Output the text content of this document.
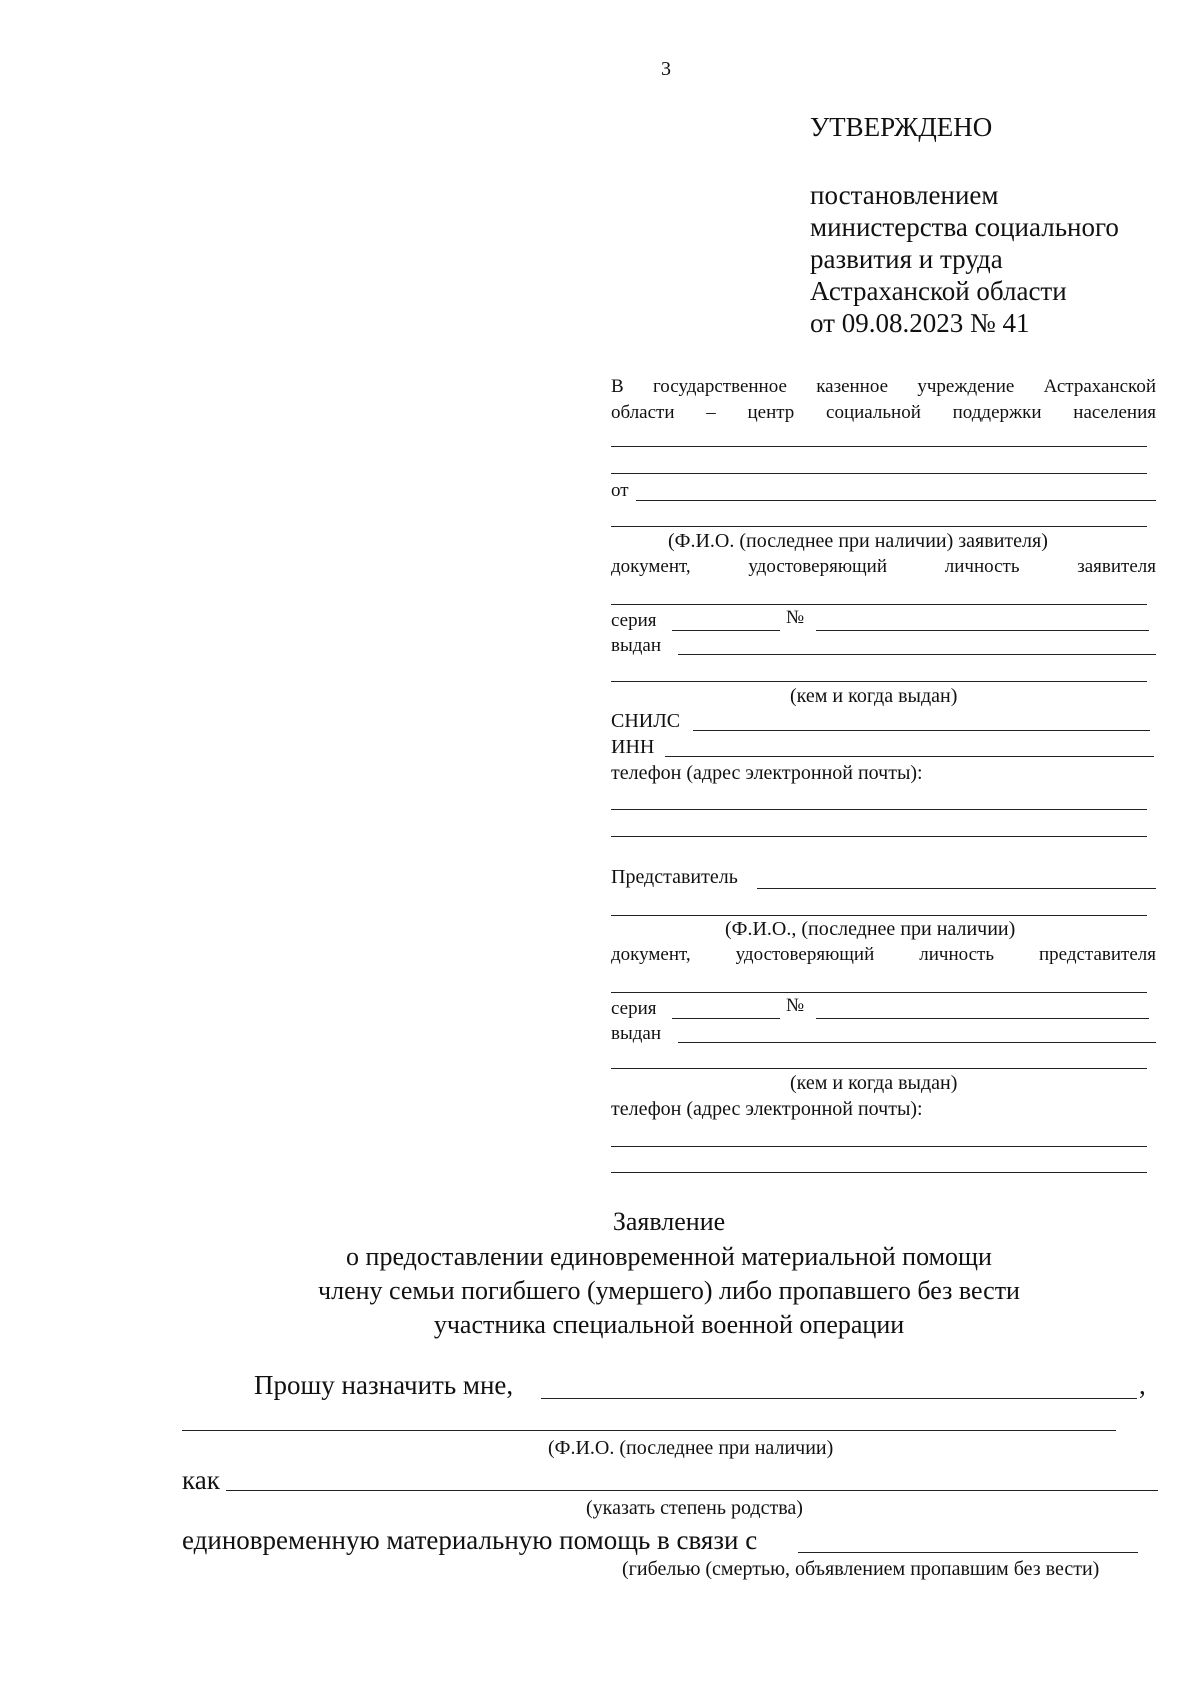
3
УТВЕРЖДЕНО
постановлением
министерства социального
развития и труда
Астраханской области
от 09.08.2023 № 41
В государственное казенное учреждение Астраханской
области – центр социальной поддержки населения
от
(Ф.И.О. (последнее при наличии) заявителя)
документ,	удостоверяющий	личность	заявителя
серия	№
выдан
(кем и когда выдан)
СНИЛС
ИНН
телефон (адрес электронной почты):
Представитель
(Ф.И.О., (последнее при наличии)
документ, удостоверяющий личность представителя
серия	№
выдан
(кем и когда выдан)
телефон (адрес электронной почты):
Заявление
о предоставлении единовременной материальной помощи
члену семьи погибшего (умершего) либо пропавшего без вести
участника специальной военной операции
Прошу назначить мне,	,
(Ф.И.О. (последнее при наличии)
как
(указать степень родства)
единовременную материальную помощь в связи с
(гибелью (смертью, объявлением пропавшим без вести)
